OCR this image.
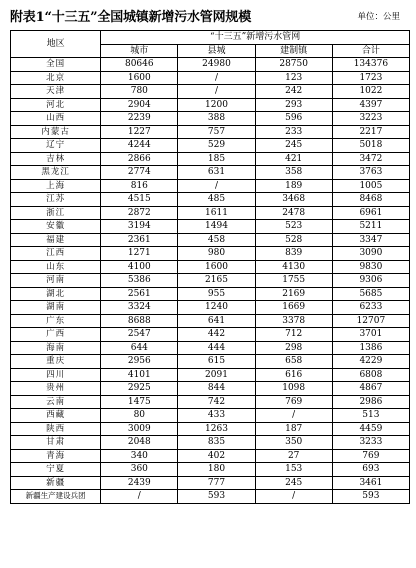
附表1“十三五”全国城镇新增污水管网规模	单位：公里
地区	“十三五”新增污水管网			
	城市	县城	建制镇	合计
全国	80646	24980	28750	134376
北京	1600	/	123	1723
天津	780	/	242	1022
河北	2904	1200	293	4397
山西	2239	388	596	3223
内蒙古	1227	757	233	2217
辽宁	4244	529	245	5018
吉林	2866	185	421	3472
黑龙江	2774	631	358	3763
上海	816	/	189	1005
江苏	4515	485	3468	8468
浙江	2872	1611	2478	6961
安徽	3194	1494	523	5211
福建	2361	458	528	3347
江西	1271	980	839	3090
山东	4100	1600	4130	9830
河南	5386	2165	1755	9306
湖北	2561	955	2169	5685
湖南	3324	1240	1669	6233
广东	8688	641	3378	12707
广西	2547	442	712	3701
海南	644	444	298	1386
重庆	2956	615	658	4229
四川	4101	2091	616	6808
贵州	2925	844	1098	4867
云南	1475	742	769	2986
西藏	80	433	/	513
陕西	3009	1263	187	4459
甘肃	2048	835	350	3233
青海	340	402	27	769
宁夏	360	180	153	693
新疆	2439	777	245	3461
新疆生产建设兵团	/	593	/	593
